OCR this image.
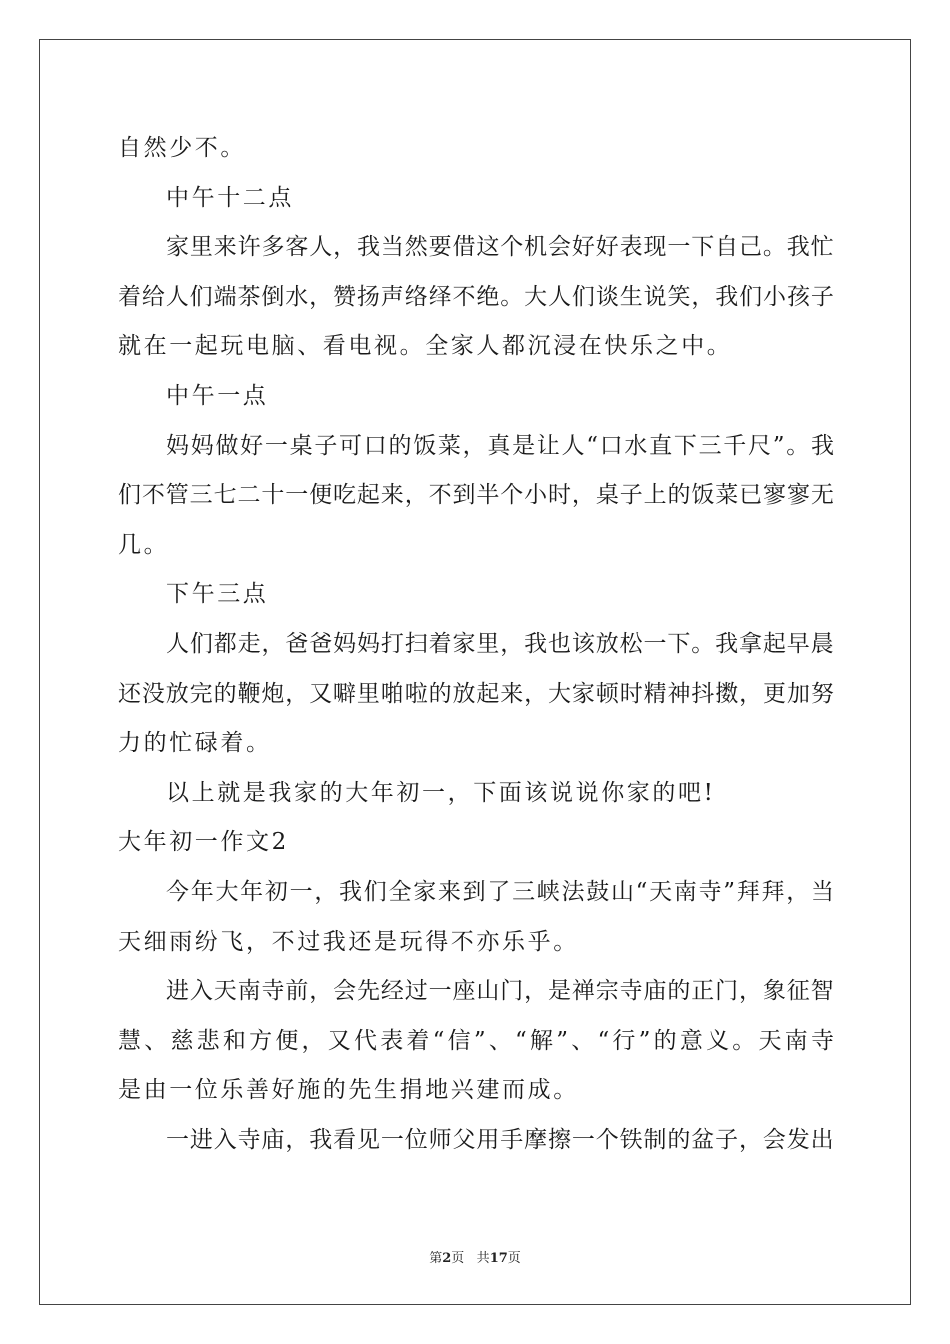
自然少不。
中午十二点
家 里 来 许 多 客 人 ， 我 当 然 要 借 这 个 机 会 好 好 表 现 一 下 自 己 。 我 忙
着 给 人 们 端 茶 倒 水 ， 赞 扬 声 络 绎 不 绝 。 大 人 们 谈 生 说 笑 ， 我 们 小 孩 子
就在一起玩电脑、看电视。全家人都沉浸在快乐之中。
中午一点
妈 妈 做 好 一 桌 子 可 口 的 饭 菜 ， 真 是 让 人 “ 口 水 直 下 三 千 尺 ” 。 我
们 不 管 三 七 二 十 一 便 吃 起 来 ， 不 到 半 个 小 时 ， 桌 子 上 的 饭 菜 已 寥 寥 无
几。
下午三点
人 们 都 走 ， 爸 爸 妈 妈 打 扫 着 家 里 ， 我 也 该 放 松 一 下 。 我 拿 起 早 晨
还 没 放 完 的 鞭 炮 ， 又 噼 里 啪 啦 的 放 起 来 ， 大 家 顿 时 精 神 抖 擞 ， 更 加 努
力的忙碌着。
以上就是我家的大年初一，下面该说说你家的吧!
大年初一作文2
今 年 大 年 初 一 ， 我 们 全 家 来 到 了 三 峡 法 鼓 山 “ 天 南 寺 ” 拜 拜 ， 当
天细雨纷飞，不过我还是玩得不亦乐乎。
进 入 天 南 寺 前 ， 会 先 经 过 一 座 山 门 ， 是 禅 宗 寺 庙 的 正 门 ， 象 征 智
慧 、 慈 悲 和 方 便 ， 又 代 表 着 “ 信 ” 、 “ 解 ” 、 “ 行 ” 的 意 义 。 天 南 寺
是由一位乐善好施的先生捐地兴建而成。
一 进 入 寺 庙 ， 我 看 见 一 位 师 父 用 手 摩 擦 一 个 铁 制 的 盆 子 ， 会 发 出
第2页 共17页
